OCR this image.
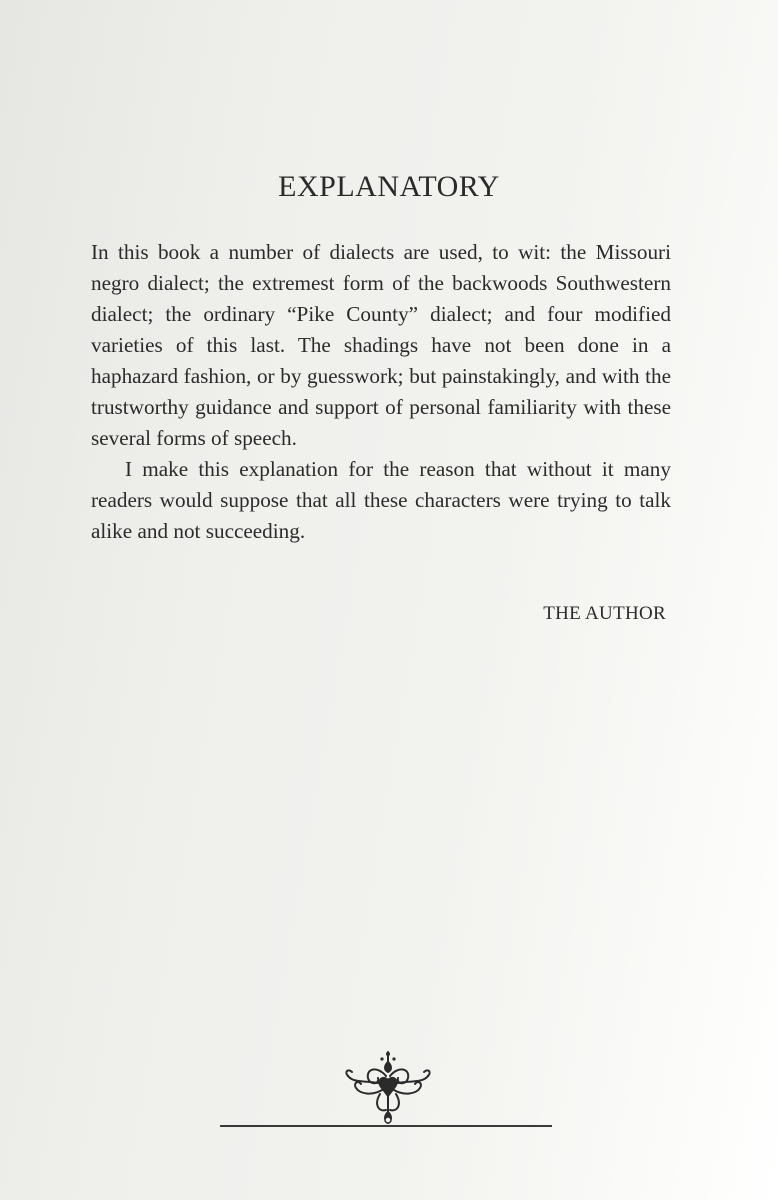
EXPLANATORY

In this book a number of dialects are used, to wit: the Missouri negro dialect; the extremest form of the backwoods Southwestern dialect; the ordinary “Pike County” dialect; and four modified varieties of this last. The shadings have not been done in a haphazard fashion, or by guesswork; but painstakingly, and with the trustworthy guidance and support of personal familiarity with these several forms of speech.

I make this explanation for the reason that without it many readers would suppose that all these characters were trying to talk alike and not succeeding.

THE AUTHOR
